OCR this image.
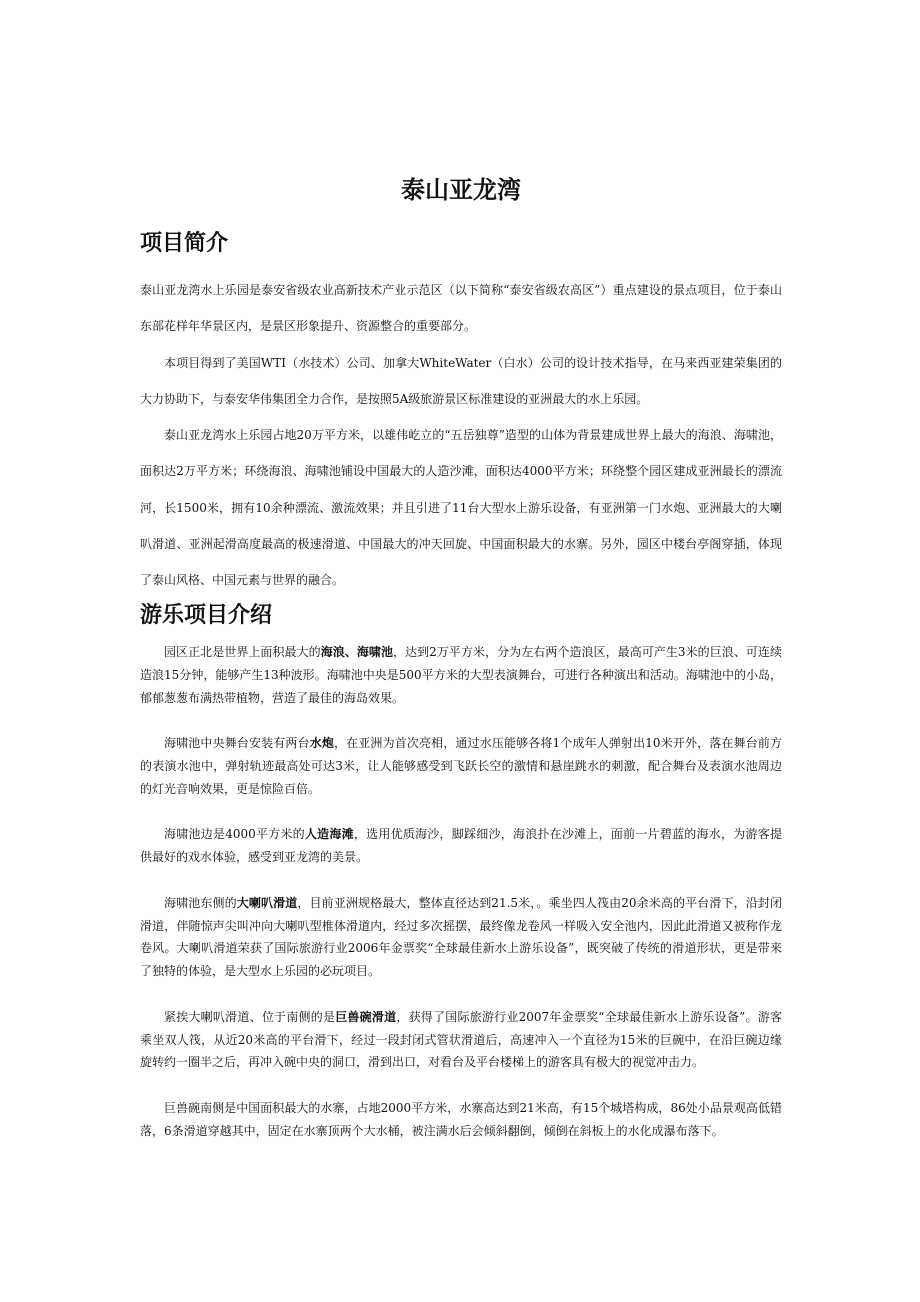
泰山亚龙湾
项目简介

泰山亚龙湾水上乐园是泰安省级农业高新技术产业示范区（以下简称“泰安省级农高区”）重点建设的景点项目，位于泰山东部花样年华景区内，是景区形象提升、资源整合的重要部分。

本项目得到了美国WTI（水技术）公司、加拿大WhiteWater（白水）公司的设计技术指导，在马来西亚建荣集团的大力协助下，与泰安华伟集团全力合作，是按照5A级旅游景区标准建设的亚洲最大的水上乐园。

泰山亚龙湾水上乐园占地20万平方米，以雄伟屹立的“五岳独尊”造型的山体为背景建成世界上最大的海浪、海啸池，面积达2万平方米；环绕海浪、海啸池铺设中国最大的人造沙滩，面积达4000平方米；环绕整个园区建成亚洲最长的漂流河，长1500米，拥有10余种漂流、激流效果；并且引进了11台大型水上游乐设备，有亚洲第一门水炮、亚洲最大的大喇叭滑道、亚洲起滑高度最高的极速滑道、中国最大的冲天回旋、中国面积最大的水寨。另外，园区中楼台亭阁穿插，体现了泰山风格、中国元素与世界的融合。

游乐项目介绍

园区正北是世界上面积最大的海浪、海啸池，达到2万平方米，分为左右两个造浪区，最高可产生3米的巨浪、可连续造浪15分钟，能够产生13种波形。海啸池中央是500平方米的大型表演舞台，可进行各种演出和活动。海啸池中的小岛，郁郁葱葱布满热带植物，营造了最佳的海岛效果。

海啸池中央舞台安装有两台水炮，在亚洲为首次亮相，通过水压能够各将1个成年人弹射出10米开外，落在舞台前方的表演水池中，弹射轨迹最高处可达3米，让人能够感受到飞跃长空的激情和悬崖跳水的刺激，配合舞台及表演水池周边的灯光音响效果，更是惊险百倍。

海啸池边是4000平方米的人造海滩，选用优质海沙，脚踩细沙，海浪扑在沙滩上，面前一片碧蓝的海水，为游客提供最好的戏水体验，感受到亚龙湾的美景。

海啸池东侧的大喇叭滑道，目前亚洲规格最大，整体直径达到21.5米，。乘坐四人筏由20余米高的平台滑下，沿封闭滑道，伴随惊声尖叫冲向大喇叭型椎体滑道内，经过多次摇摆，最终像龙卷风一样吸入安全池内，因此此滑道又被称作龙卷风。大喇叭滑道荣获了国际旅游行业2006年金票奖“全球最佳新水上游乐设备”，既突破了传统的滑道形状，更是带来了独特的体验，是大型水上乐园的必玩项目。

紧挨大喇叭滑道、位于南侧的是巨兽碗滑道，获得了国际旅游行业2007年金票奖“全球最佳新水上游乐设备”。游客乘坐双人筏，从近20米高的平台滑下，经过一段封闭式管状滑道后，高速冲入一个直径为15米的巨碗中，在沿巨碗边缘旋转约一圈半之后，再冲入碗中央的洞口，滑到出口，对看台及平台楼梯上的游客具有极大的视觉冲击力。

巨兽碗南侧是中国面积最大的水寨，占地2000平方米，水寨高达到21米高，有15个城塔构成，86处小品景观高低错落，6条滑道穿越其中，固定在水寨顶两个大水桶，被注满水后会倾斜翻倒，倾倒在斜板上的水化成瀑布落下。
